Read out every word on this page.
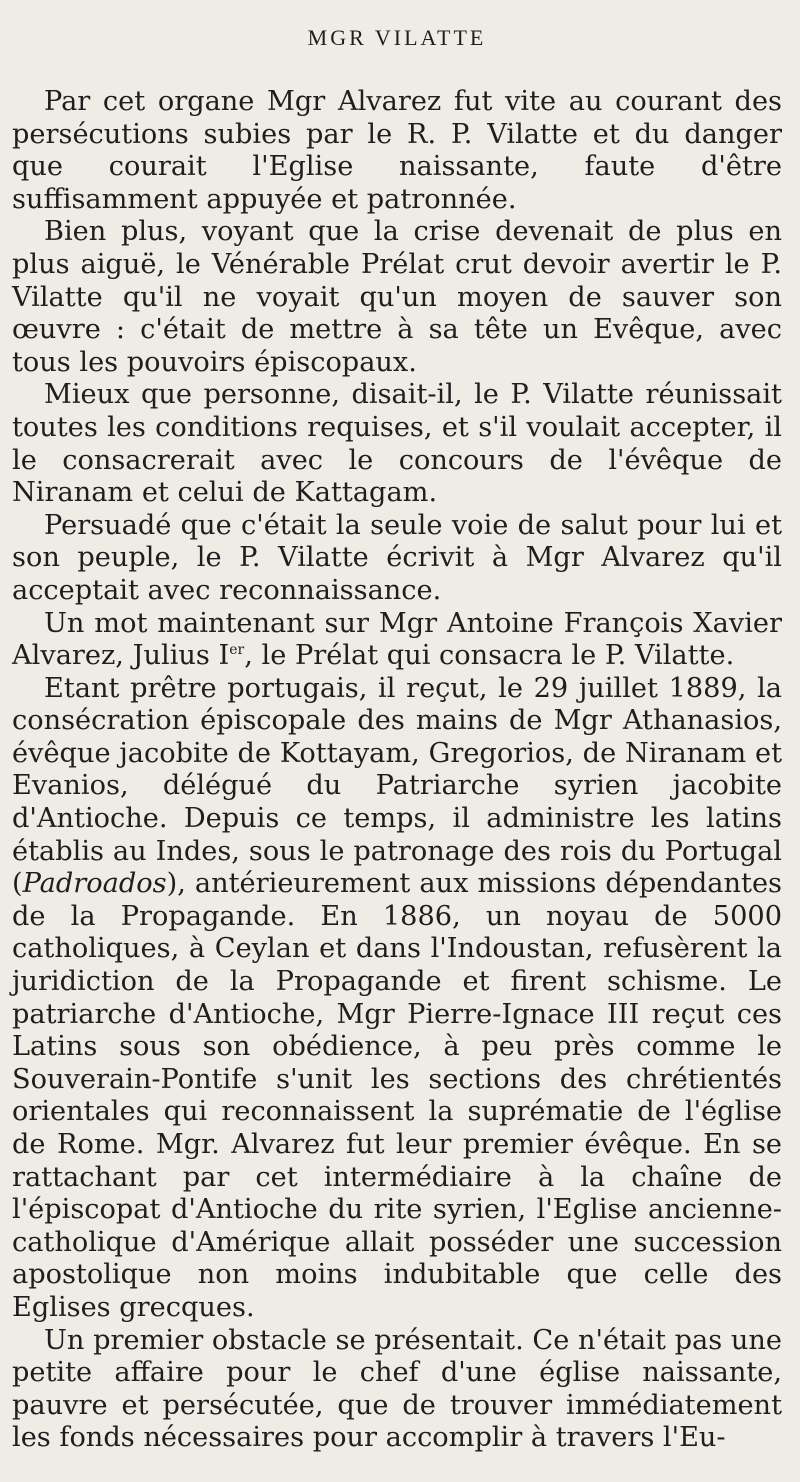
MGR VILATTE

Par cet organe Mgr Alvarez fut vite au courant des persécutions subies par le R. P. Vilatte et du danger que courait l'Eglise naissante, faute d'être suffisamment appuyée et patronnée.

Bien plus, voyant que la crise devenait de plus en plus aiguë, le Vénérable Prélat crut devoir avertir le P. Vilatte qu'il ne voyait qu'un moyen de sauver son œuvre : c'était de mettre à sa tête un Evêque, avec tous les pouvoirs épiscopaux.

Mieux que personne, disait-il, le P. Vilatte réunissait toutes les conditions requises, et s'il voulait accepter, il le consacrerait avec le concours de l'évêque de Niranam et celui de Kattagam.

Persuadé que c'était la seule voie de salut pour lui et son peuple, le P. Vilatte écrivit à Mgr Alvarez qu'il acceptait avec reconnaissance.

Un mot maintenant sur Mgr Antoine François Xavier Alvarez, Julius Ier, le Prélat qui consacra le P. Vilatte.

Etant prêtre portugais, il reçut, le 29 juillet 1889, la consécration épiscopale des mains de Mgr Athanasios, évêque jacobite de Kottayam, Gregorios, de Niranam et Evanios, délégué du Patriarche syrien jacobite d'Antioche. Depuis ce temps, il administre les latins établis au Indes, sous le patronage des rois du Portugal (Padroados), antérieurement aux missions dépendantes de la Propagande. En 1886, un noyau de 5000 catholiques, à Ceylan et dans l'Indoustan, refusèrent la juridiction de la Propagande et firent schisme. Le patriarche d'Antioche, Mgr Pierre-Ignace III reçut ces Latins sous son obédience, à peu près comme le Souverain-Pontife s'unit les sections des chrétientés orientales qui reconnaissent la suprématie de l'église de Rome. Mgr. Alvarez fut leur premier évêque. En se rattachant par cet intermédiaire à la chaîne de l'épiscopat d'Antioche du rite syrien, l'Eglise ancienne-catholique d'Amérique allait posséder une succession apostolique non moins indubitable que celle des Eglises grecques.

Un premier obstacle se présentait. Ce n'était pas une petite affaire pour le chef d'une église naissante, pauvre et persécutée, que de trouver immédiatement les fonds nécessaires pour accomplir à travers l'Eu-
